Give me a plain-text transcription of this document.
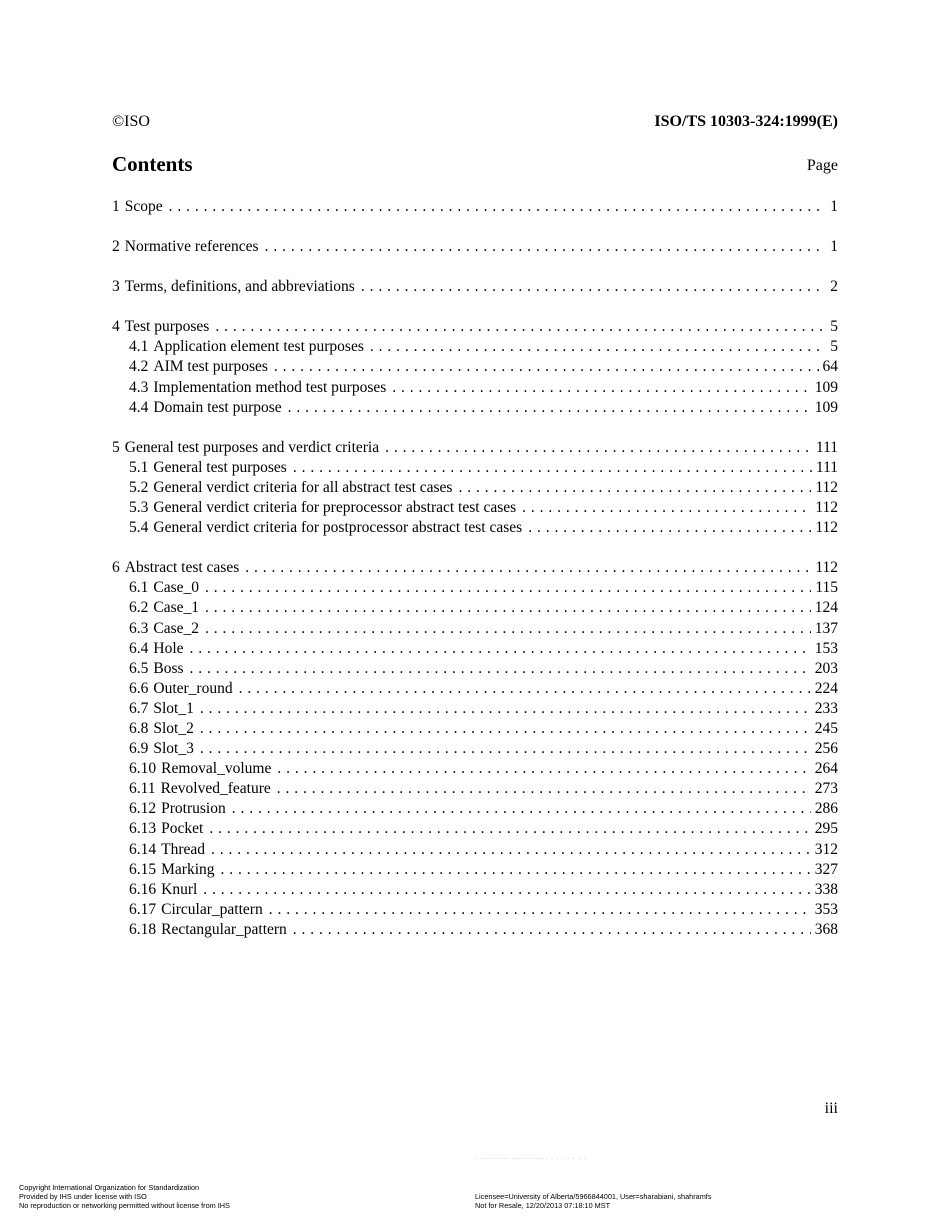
©ISO	ISO/TS 10303-324:1999(E)
Contents	Page
1 Scope . . .	1
2 Normative references . . .	1
3 Terms, definitions, and abbreviations . . .	2
4 Test purposes . . .	5
4.1 Application element test purposes . . .	5
4.2 AIM test purposes . . .	64
4.3 Implementation method test purposes . . .	109
4.4 Domain test purpose . . .	109
5 General test purposes and verdict criteria . . .	111
5.1 General test purposes . . .	111
5.2 General verdict criteria for all abstract test cases . . .	112
5.3 General verdict criteria for preprocessor abstract test cases . . .	112
5.4 General verdict criteria for postprocessor abstract test cases . . .	112
6 Abstract test cases . . .	112
6.1 Case_0 . . .	115
6.2 Case_1 . . .	124
6.3 Case_2 . . .	137
6.4 Hole . . .	153
6.5 Boss . . .	203
6.6 Outer_round . . .	224
6.7 Slot_1 . . .	233
6.8 Slot_2 . . .	245
6.9 Slot_3 . . .	256
6.10 Removal_volume . . .	264
6.11 Revolved_feature . . .	273
6.12 Protrusion . . .	286
6.13 Pocket . . .	295
6.14 Thread . . .	312
6.15 Marking . . .	327
6.16 Knurl . . .	338
6.17 Circular_pattern . . .	353
6.18 Rectangular_pattern . . .	368
iii
............. ............. . . . . . . .
Copyright International Organization for Standardization
Provided by IHS under license with ISO
No reproduction or networking permitted without license from IHS
Licensee=University of Alberta/5966844001, User=sharabiani, shahramfs
Not for Resale, 12/20/2013 07:18:10 MST
